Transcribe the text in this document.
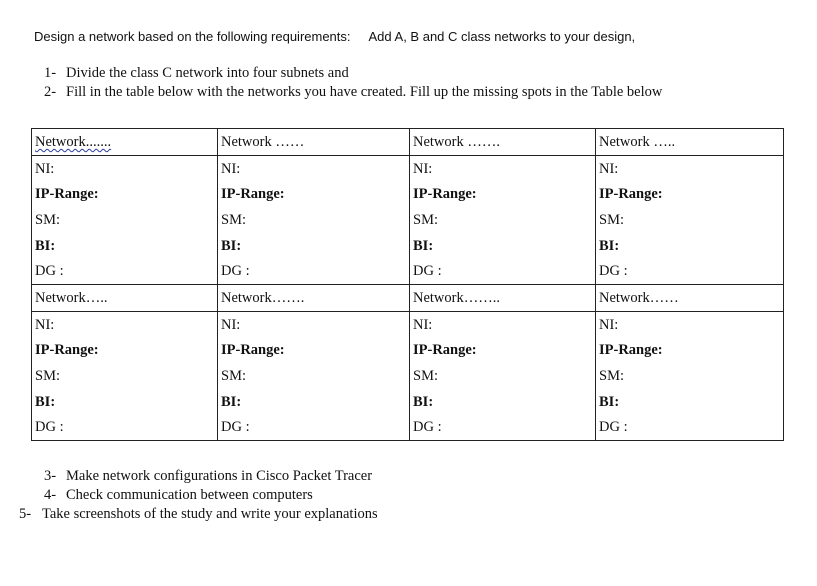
Design a network based on the following requirements: Add A, B and C class networks to your design,
1- Divide the class C network into four subnets and
2- Fill in the table below with the networks you have created. Fill up the missing spots in the Table below
3- Make network configurations in Cisco Packet Tracer
4- Check communication between computers
5- Take screenshots of the study and write your explanations
Network.......	Network ……	Network …….	Network …..
NI:	NI:	NI:	NI:
IP-Range:	IP-Range:	IP-Range:	IP-Range:
SM:	SM:	SM:	SM:
BI:	BI:	BI:	BI:
DG :	DG :	DG :	DG :
Network…..	Network…….	Network……..	Network……
NI:	NI:	NI:	NI:
IP-Range:	IP-Range:	IP-Range:	IP-Range:
SM:	SM:	SM:	SM:
BI:	BI:	BI:	BI:
DG :	DG :	DG :	DG :
